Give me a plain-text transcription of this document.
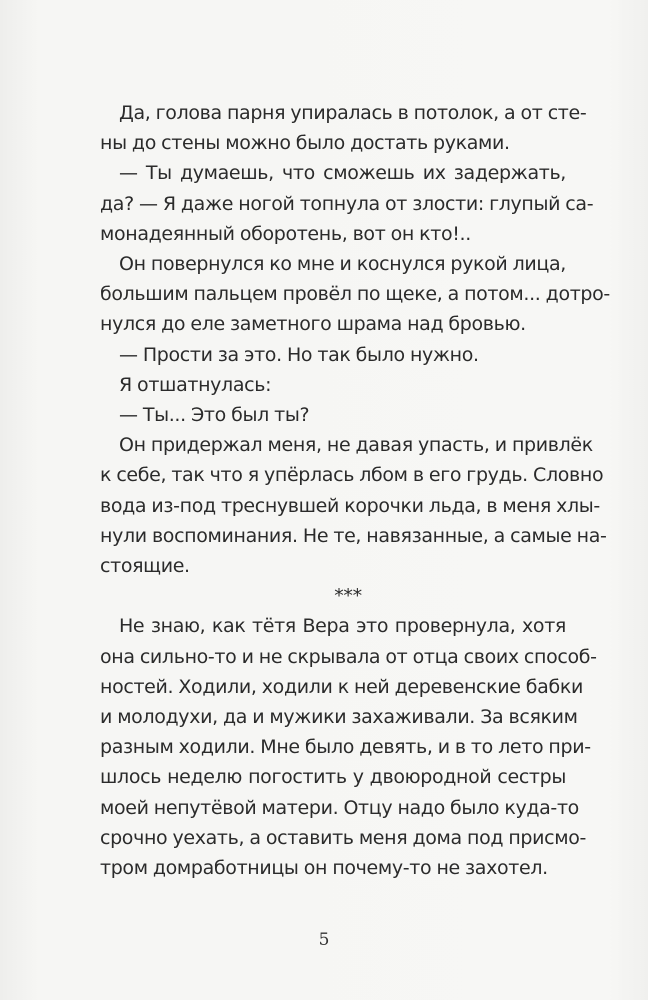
Да, голова парня упиралась в потолок, а от сте-
ны до стены можно было достать руками.
— Ты думаешь, что сможешь их задержать,
да? — Я даже ногой топнула от злости: глупый са-
монадеянный оборотень, вот он кто!..
Он повернулся ко мне и коснулся рукой лица,
большим пальцем провёл по щеке, а потом... дотро-
нулся до еле заметного шрама над бровью.
— Прости за это. Но так было нужно.
Я отшатнулась:
— Ты... Это был ты?
Он придержал меня, не давая упасть, и привлёк
к себе, так что я упёрлась лбом в его грудь. Словно
вода из-под треснувшей корочки льда, в меня хлы-
нули воспоминания. Не те, навязанные, а самые на-
стоящие.
***
Не знаю, как тётя Вера это провернула, хотя
она сильно-то и не скрывала от отца своих способ-
ностей. Ходили, ходили к ней деревенские бабки
и молодухи, да и мужики захаживали. За всяким
разным ходили. Мне было девять, и в то лето при-
шлось неделю погостить у двоюродной сестры
моей непутёвой матери. Отцу надо было куда-то
срочно уехать, а оставить меня дома под присмо-
тром домработницы он почему-то не захотел.
5
